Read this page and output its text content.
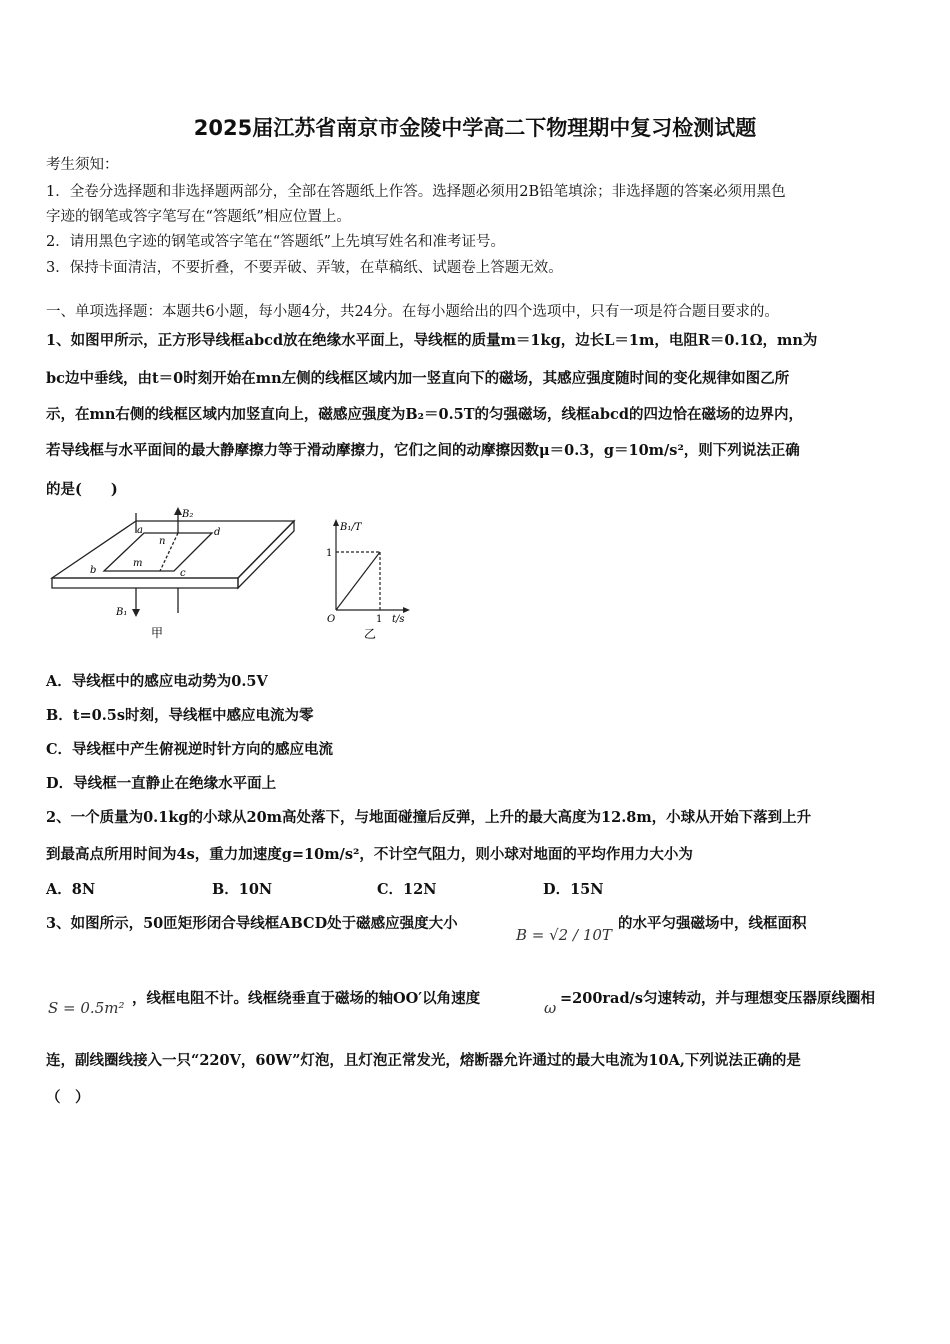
2025届江苏省南京市金陵中学高二下物理期中复习检测试题
考生须知：
1．全卷分选择题和非选择题两部分，全部在答题纸上作答。选择题必须用2B铅笔填涂；非选择题的答案必须用黑色
字迹的钢笔或答字笔写在“答题纸”相应位置上。
2．请用黑色字迹的钢笔或答字笔在“答题纸”上先填写姓名和准考证号。
3．保持卡面清洁，不要折叠，不要弄破、弄皱，在草稿纸、试题卷上答题无效。
一、单项选择题：本题共6小题，每小题4分，共24分。在每小题给出的四个选项中，只有一项是符合题目要求的。
1、如图甲所示，正方形导线框abcd放在绝缘水平面上，导线框的质量m＝1kg，边长L＝1m，电阻R＝0.1Ω，mn为
bc边中垂线，由t＝0时刻开始在mn左侧的线框区域内加一竖直向下的磁场，其感应强度随时间的变化规律如图乙所
示，在mn右侧的线框区域内加竖直向上，磁感应强度为B₂＝0.5T的匀强磁场，线框abcd的四边恰在磁场的边界内，
若导线框与水平面间的最大静摩擦力等于滑动摩擦力，它们之间的动摩擦因数μ＝0.3，g＝10m/s²，则下列说法正确
的是(　　)
a
b	c
d
n
m
B₂
B₁
甲
B₁/T
t/s
O	1
1
乙
A．导线框中的感应电动势为0.5V
B．t=0.5s时刻，导线框中感应电流为零
C．导线框中产生俯视逆时针方向的感应电流
D．导线框一直静止在绝缘水平面上
2、一个质量为0.1kg的小球从20m高处落下，与地面碰撞后反弹，上升的最大高度为12.8m，小球从开始下落到上升
到最高点所用时间为4s，重力加速度g=10m/s²，不计空气阻力，则小球对地面的平均作用力大小为
A．8N	B．10N	C．12N	D．15N
3、如图所示，50匝矩形闭合导线框ABCD处于磁感应强度大小
B = √2 / 10T
的水平匀强磁场中，线框面积
S = 0.5m²
，线框电阻不计。线框绕垂直于磁场的轴OO′以角速度
ω
=200rad/s匀速转动，并与理想变压器原线圈相
连，副线圈线接入一只“220V，60W”灯泡，且灯泡正常发光，熔断器允许通过的最大电流为10A,下列说法正确的是
（　）
